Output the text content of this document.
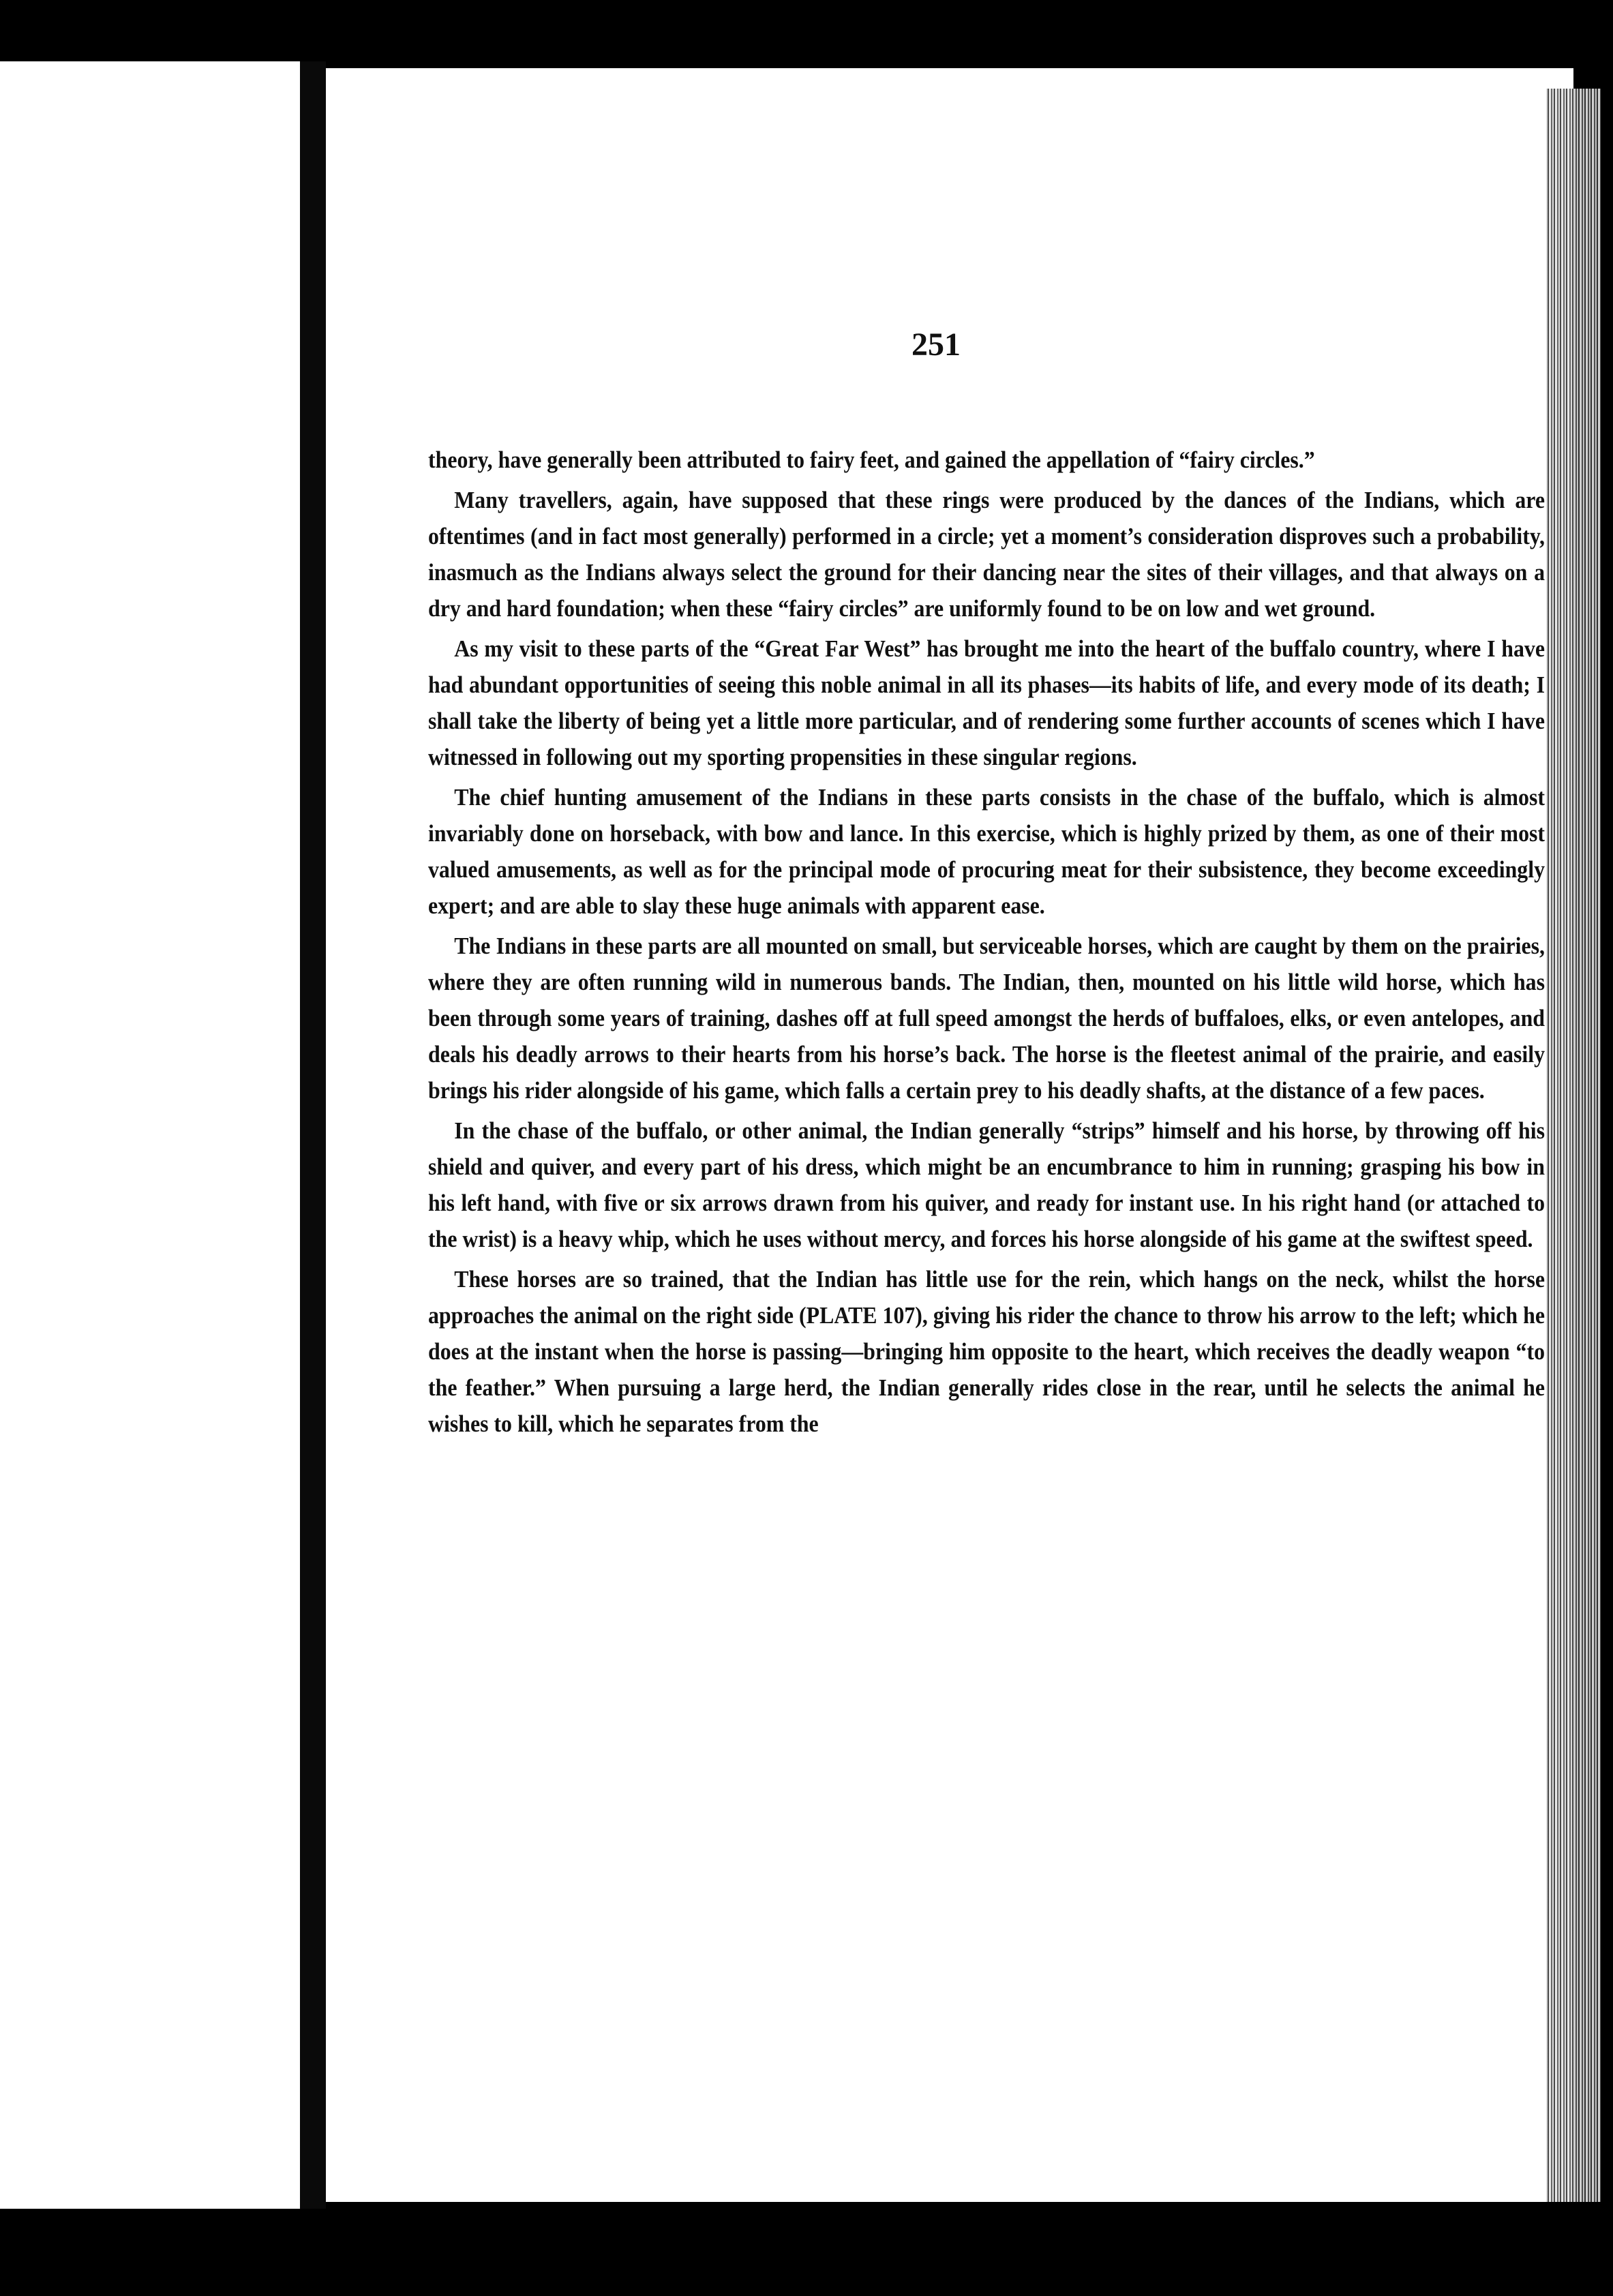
251

theory, have generally been attributed to fairy feet, and gained the appellation of “fairy circles.”

Many travellers, again, have supposed that these rings were produced by the dances of the Indians, which are oftentimes (and in fact most generally) performed in a circle; yet a moment’s consideration disproves such a probability, inasmuch as the Indians always select the ground for their dancing near the sites of their villages, and that always on a dry and hard foundation; when these “fairy circles” are uniformly found to be on low and wet ground.

As my visit to these parts of the “Great Far West” has brought me into the heart of the buffalo country, where I have had abundant opportunities of seeing this noble animal in all its phases—its habits of life, and every mode of its death; I shall take the liberty of being yet a little more particular, and of rendering some further accounts of scenes which I have witnessed in following out my sporting propensities in these singular regions.

The chief hunting amusement of the Indians in these parts consists in the chase of the buffalo, which is almost invariably done on horseback, with bow and lance. In this exercise, which is highly prized by them, as one of their most valued amusements, as well as for the principal mode of procuring meat for their subsistence, they become exceedingly expert; and are able to slay these huge animals with apparent ease.

The Indians in these parts are all mounted on small, but serviceable horses, which are caught by them on the prairies, where they are often running wild in numerous bands. The Indian, then, mounted on his little wild horse, which has been through some years of training, dashes off at full speed amongst the herds of buffaloes, elks, or even antelopes, and deals his deadly arrows to their hearts from his horse’s back. The horse is the fleetest animal of the prairie, and easily brings his rider alongside of his game, which falls a certain prey to his deadly shafts, at the distance of a few paces.

In the chase of the buffalo, or other animal, the Indian generally “strips” himself and his horse, by throwing off his shield and quiver, and every part of his dress, which might be an encumbrance to him in running; grasping his bow in his left hand, with five or six arrows drawn from his quiver, and ready for instant use. In his right hand (or attached to the wrist) is a heavy whip, which he uses without mercy, and forces his horse alongside of his game at the swiftest speed.

These horses are so trained, that the Indian has little use for the rein, which hangs on the neck, whilst the horse approaches the animal on the right side (PLATE 107), giving his rider the chance to throw his arrow to the left; which he does at the instant when the horse is passing—bringing him opposite to the heart, which receives the deadly weapon “to the feather.” When pursuing a large herd, the Indian generally rides close in the rear, until he selects the animal he wishes to kill, which he separates from the
